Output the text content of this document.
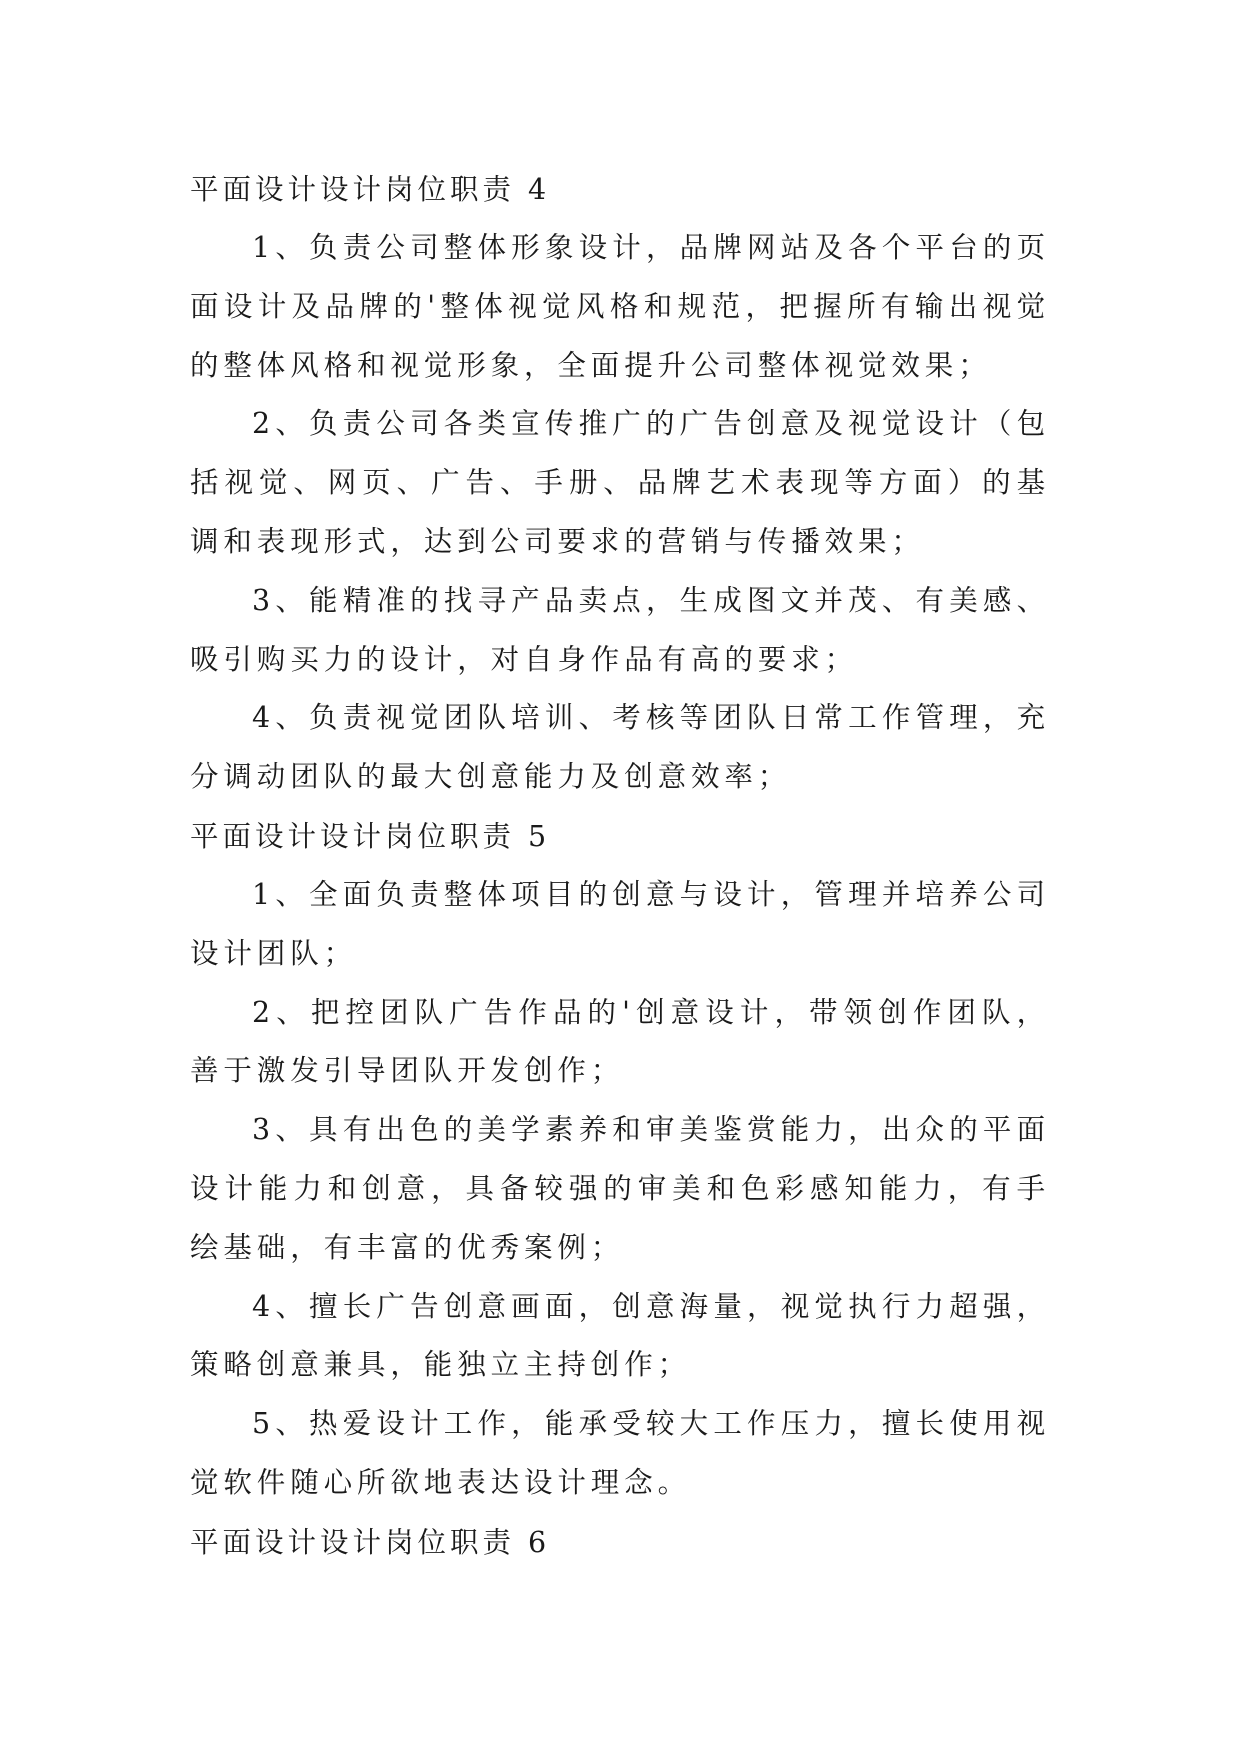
平面设计设计岗位职责 4

1、负责公司整体形象设计，品牌网站及各个平台的页面设计及品牌的'整体视觉风格和规范，把握所有输出视觉的整体风格和视觉形象，全面提升公司整体视觉效果；

2、负责公司各类宣传推广的广告创意及视觉设计（包括视觉、网页、广告、手册、品牌艺术表现等方面）的基调和表现形式，达到公司要求的营销与传播效果；

3、能精准的找寻产品卖点，生成图文并茂、有美感、吸引购买力的设计，对自身作品有高的要求；

4、负责视觉团队培训、考核等团队日常工作管理，充分调动团队的最大创意能力及创意效率；

平面设计设计岗位职责 5

1、全面负责整体项目的创意与设计，管理并培养公司设计团队；

2、把控团队广告作品的'创意设计，带领创作团队，善于激发引导团队开发创作；

3、具有出色的美学素养和审美鉴赏能力，出众的平面设计能力和创意，具备较强的审美和色彩感知能力，有手绘基础，有丰富的优秀案例；

4、擅长广告创意画面，创意海量，视觉执行力超强，策略创意兼具，能独立主持创作；

5、热爱设计工作，能承受较大工作压力，擅长使用视觉软件随心所欲地表达设计理念。

平面设计设计岗位职责 6
